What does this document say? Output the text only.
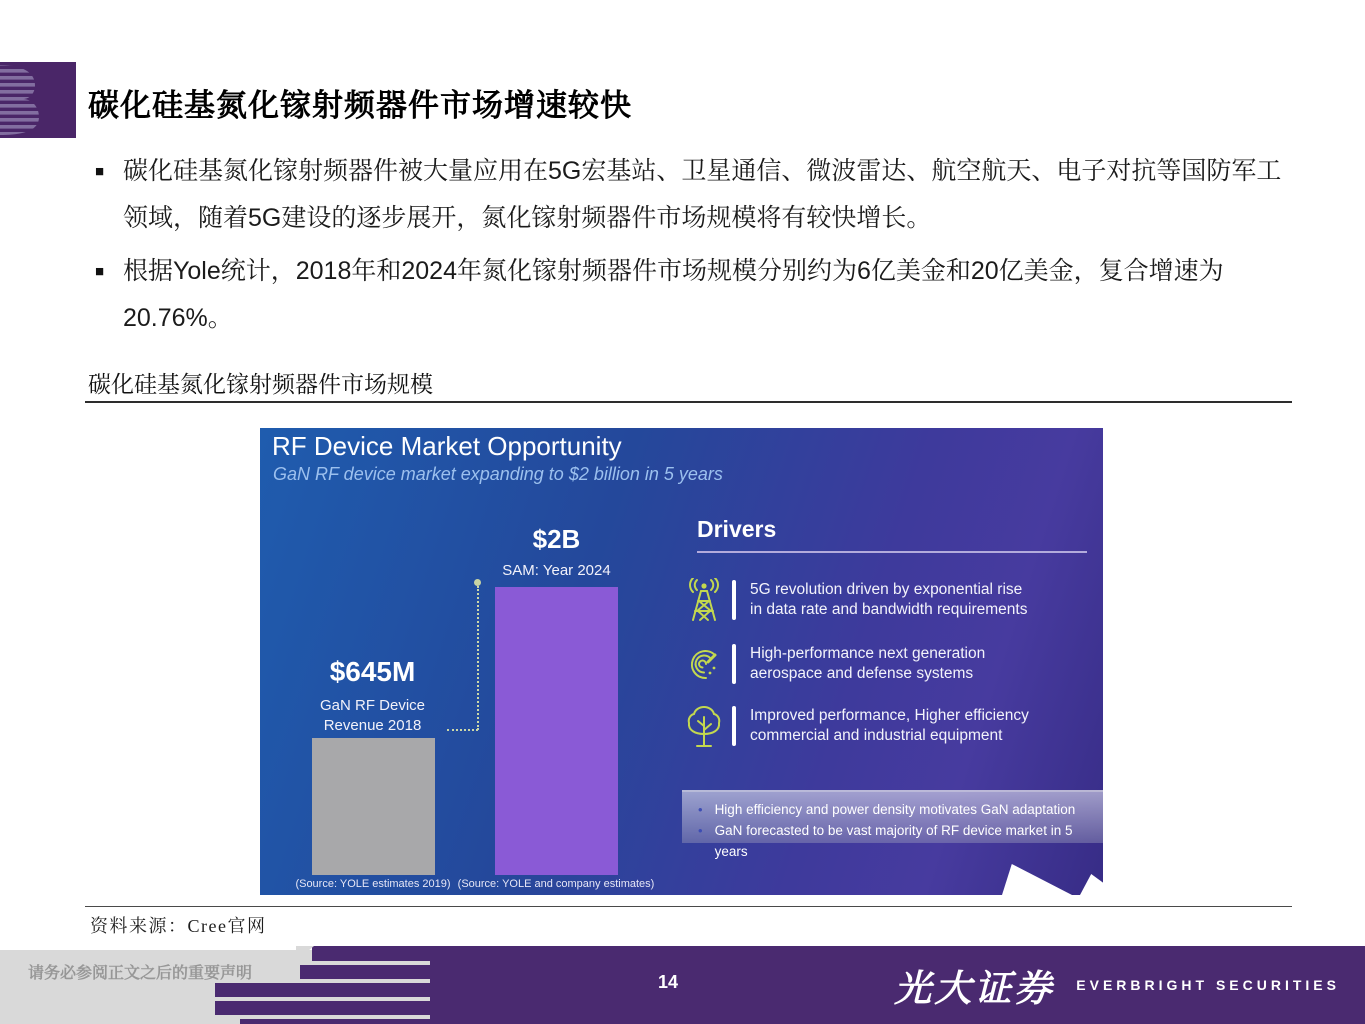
碳化硅基氮化镓射频器件市场增速较快
■ 碳化硅基氮化镓射频器件被大量应用在5G宏基站、卫星通信、微波雷达、航空航天、电子对抗等国防军工领域，随着5G建设的逐步展开，氮化镓射频器件市场规模将有较快增长。
■ 根据Yole统计，2018年和2024年氮化镓射频器件市场规模分别约为6亿美金和20亿美金，复合增速为20.76%。
碳化硅基氮化镓射频器件市场规模
RF Device Market Opportunity
GaN RF device market expanding to $2 billion in 5 years
$2B
SAM: Year 2024
$645M
GaN RF Device
Revenue 2018
(Source: YOLE estimates 2019) (Source: YOLE and company estimates)
Drivers
5G revolution driven by exponential rise
in data rate and bandwidth requirements
High-performance next generation
aerospace and defense systems
Improved performance, Higher efficiency
commercial and industrial equipment
• High efficiency and power density motivates GaN adaptation
• GaN forecasted to be vast majority of RF device market in 5 years
资料来源：Cree官网
请务必参阅正文之后的重要声明	14	光大证券 EVERBRIGHT SECURITIES
